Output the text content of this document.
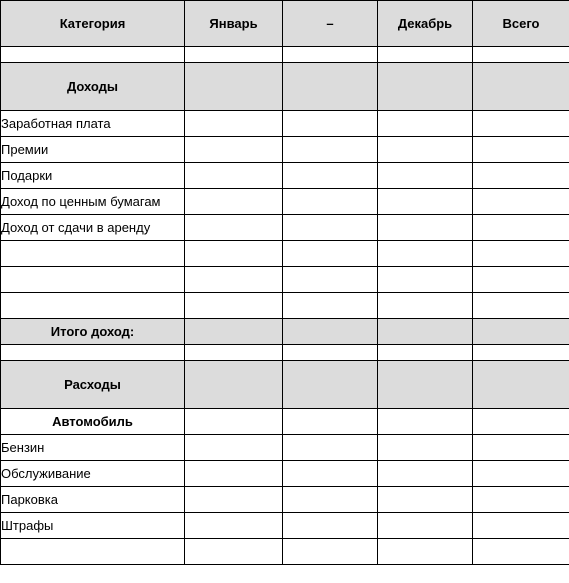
Категория	Январь	–	Декабрь	Всего

Доходы				
Заработная плата				
Премии				
Подарки				
Доход по ценным бумагам				
Доход от сдачи в аренду				

Итого доход:				

Расходы				
Автомобиль				
Бензин				
Обслуживание				
Парковка				
Штрафы				
